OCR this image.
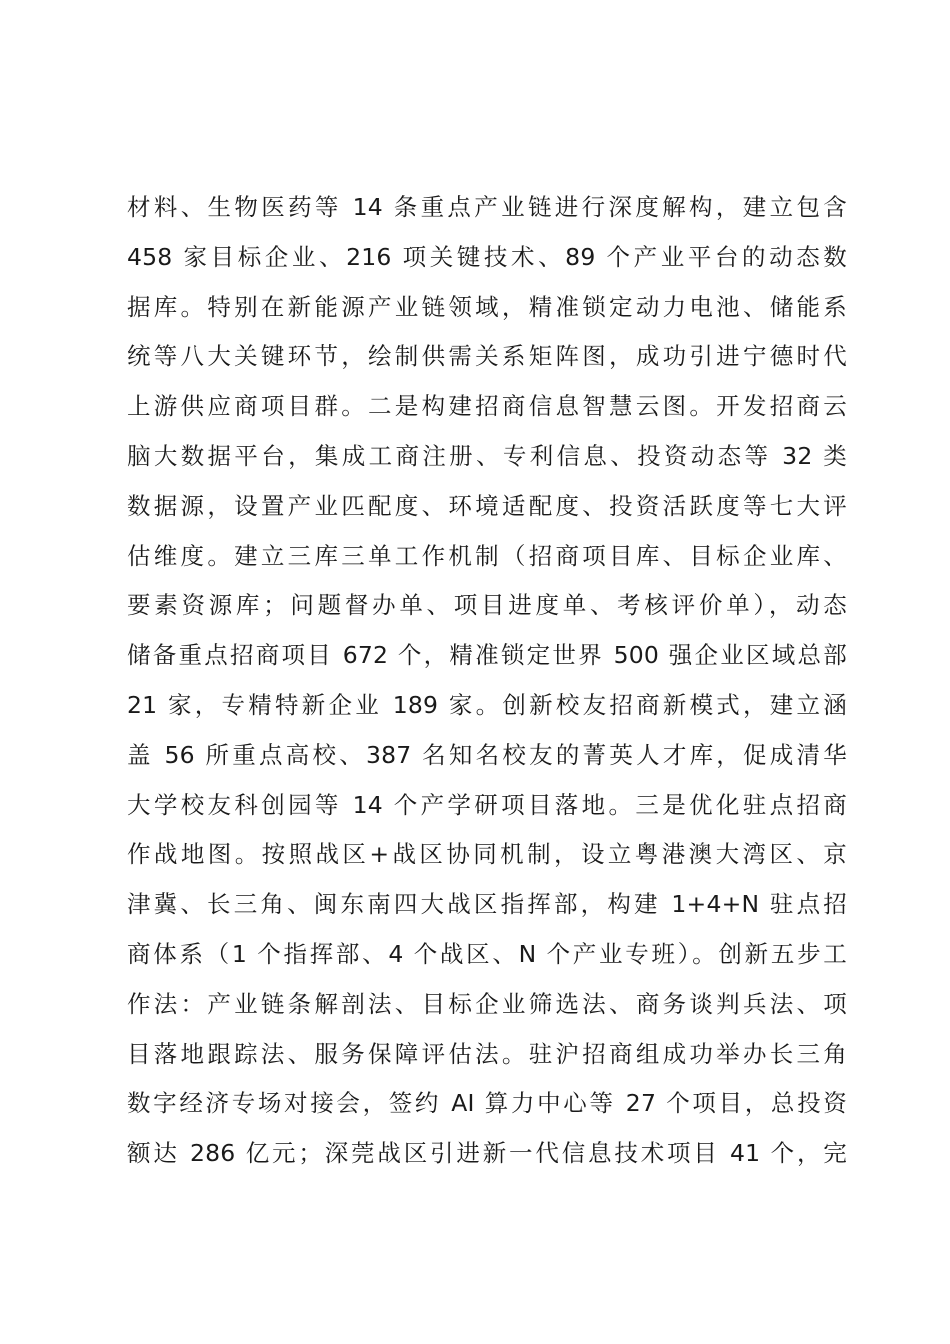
材料、生物医药等 14 条重点产业链进行深度解构，建立包含
458 家目标企业、216 项关键技术、89 个产业平台的动态数
据库。特别在新能源产业链领域，精准锁定动力电池、储能系
统等八大关键环节，绘制供需关系矩阵图，成功引进宁德时代
上游供应商项目群。二是构建招商信息智慧云图。开发招商云
脑大数据平台，集成工商注册、专利信息、投资动态等 32 类
数据源，设置产业匹配度、环境适配度、投资活跃度等七大评
估维度。建立三库三单工作机制（招商项目库、目标企业库、
要素资源库；问题督办单、项目进度单、考核评价单），动态
储备重点招商项目 672 个，精准锁定世界 500 强企业区域总部
21 家，专精特新企业 189 家。创新校友招商新模式，建立涵
盖 56 所重点高校、387 名知名校友的菁英人才库，促成清华
大学校友科创园等 14 个产学研项目落地。三是优化驻点招商
作战地图。按照战区+战区协同机制，设立粤港澳大湾区、京
津冀、长三角、闽东南四大战区指挥部，构建 1+4+N 驻点招
商体系（1 个指挥部、4 个战区、N 个产业专班）。创新五步工
作法：产业链条解剖法、目标企业筛选法、商务谈判兵法、项
目落地跟踪法、服务保障评估法。驻沪招商组成功举办长三角
数字经济专场对接会，签约 AI 算力中心等 27 个项目，总投资
额达 286 亿元；深莞战区引进新一代信息技术项目 41 个，完
